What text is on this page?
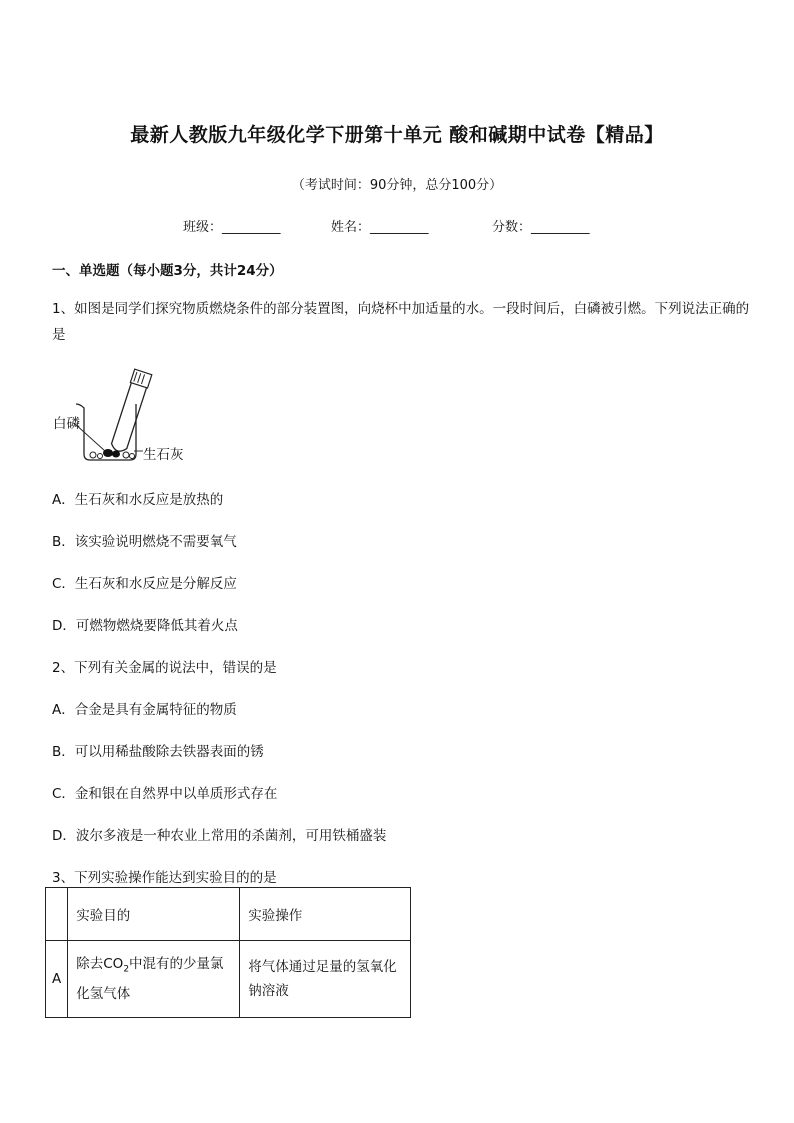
最新人教版九年级化学下册第十单元 酸和碱期中试卷【精品】
（考试时间：90分钟，总分100分）
班级：_________	姓名：_________	分数：_________
一、单选题（每小题3分，共计24分）
1、如图是同学们探究物质燃烧条件的部分装置图，向烧杯中加适量的水。一段时间后，白磷被引燃。下列说法正确的是
白磷
生石灰
A．生石灰和水反应是放热的
B．该实验说明燃烧不需要氧气
C．生石灰和水反应是分解反应
D．可燃物燃烧要降低其着火点
2、下列有关金属的说法中，错误的是
A．合金是具有金属特征的物质
B．可以用稀盐酸除去铁器表面的锈
C．金和银在自然界中以单质形式存在
D．波尔多液是一种农业上常用的杀菌剂，可用铁桶盛装
3、下列实验操作能达到实验目的的是
	实验目的	实验操作
A	除去$CO_2$中混有的少量氯化氢气体	将气体通过足量的氢氧化钠溶液
